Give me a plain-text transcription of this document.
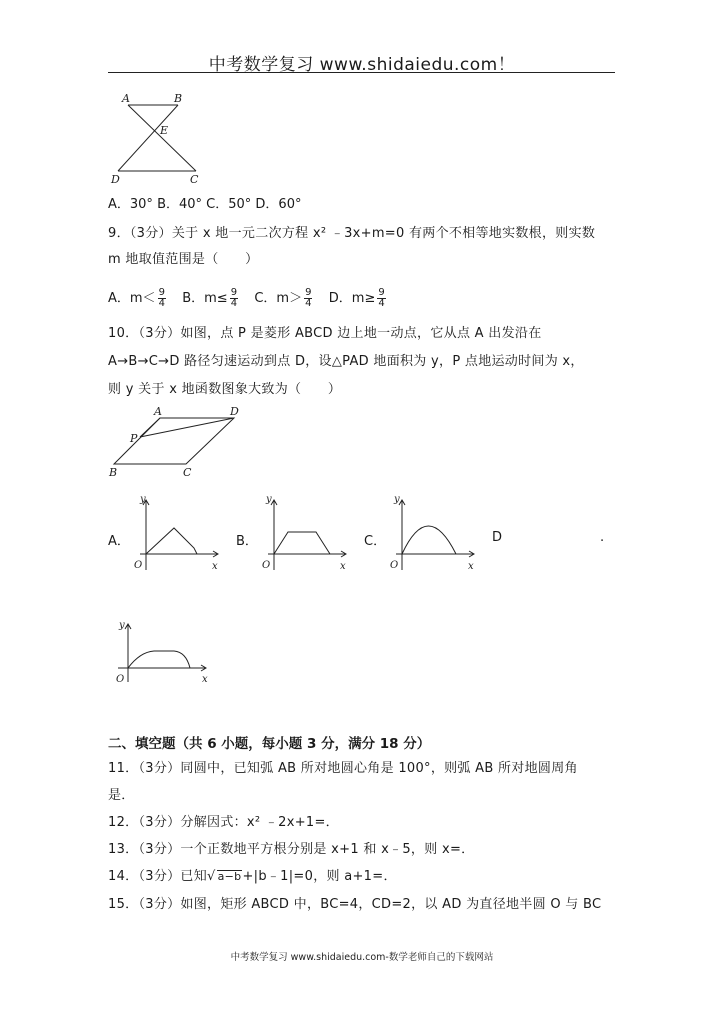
中考数学复习 www.shidaiedu.com！
A	B
E
D	C
A．30° B．40° C．50° D．60°
9．（3分）关于 x 地一元二次方程 x² ﹣3x+m=0 有两个不相等地实数根，则实数
m 地取值范围是（　　）
A．$m< \frac{9}{4}$ B．$m\le \frac{9}{4}$ C．$m> \frac{9}{4}$ D．$m\ge \frac{9}{4}$
10．（3分）如图，点 P 是菱形 ABCD 边上地一动点，它从点 A 出发沿在
A→B→C→D 路径匀速运动到点 D，设△PAD 地面积为 y，P 点地运动时间为 x，
则 y 关于 x 地函数图象大致为（　　）
A	D
P
B	C
A．	B．	C．	D	.
y
x
O
y
x
O
y
x
O
y
x
O
二、填空题（共 6 小题，每小题 3 分，满分 18 分）
11．（3分）同圆中，已知弧 AB 所对地圆心角是 100°，则弧 AB 所对地圆周角
是．
12．（3分）分解因式：x² ﹣2x+1=．
13．（3分）一个正数地平方根分别是 x+1 和 x﹣5，则 x=．
14．（3分）已知√ a−b+|b﹣1|=0，则 a+1=．
15．（3分）如图，矩形 ABCD 中，BC=4，CD=2，以 AD 为直径地半圆 O 与 BC
中考数学复习 www.shidaiedu.com-数学老师自己的下载网站
